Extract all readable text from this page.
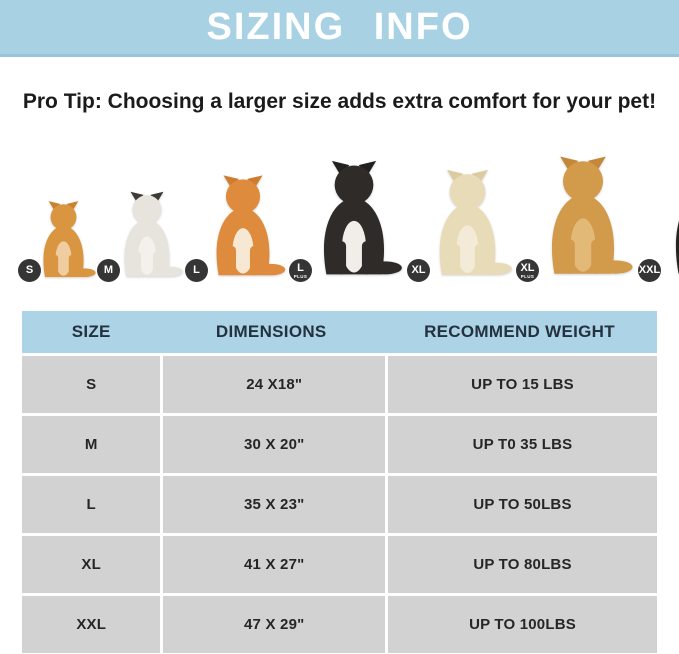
SIZING INFO
Pro Tip: Choosing a larger size adds extra comfort for your pet!
S	M	L	L
PLUS	XL	XL
PLUS	XXL
SIZE	DIMENSIONS	RECOMMEND WEIGHT
S	24 X18"	UP TO 15 LBS
M	30 X 20"	UP T0 35 LBS
L	35 X 23"	UP TO 50LBS
XL	41 X 27"	UP TO 80LBS
XXL	47 X 29"	UP TO 100LBS
